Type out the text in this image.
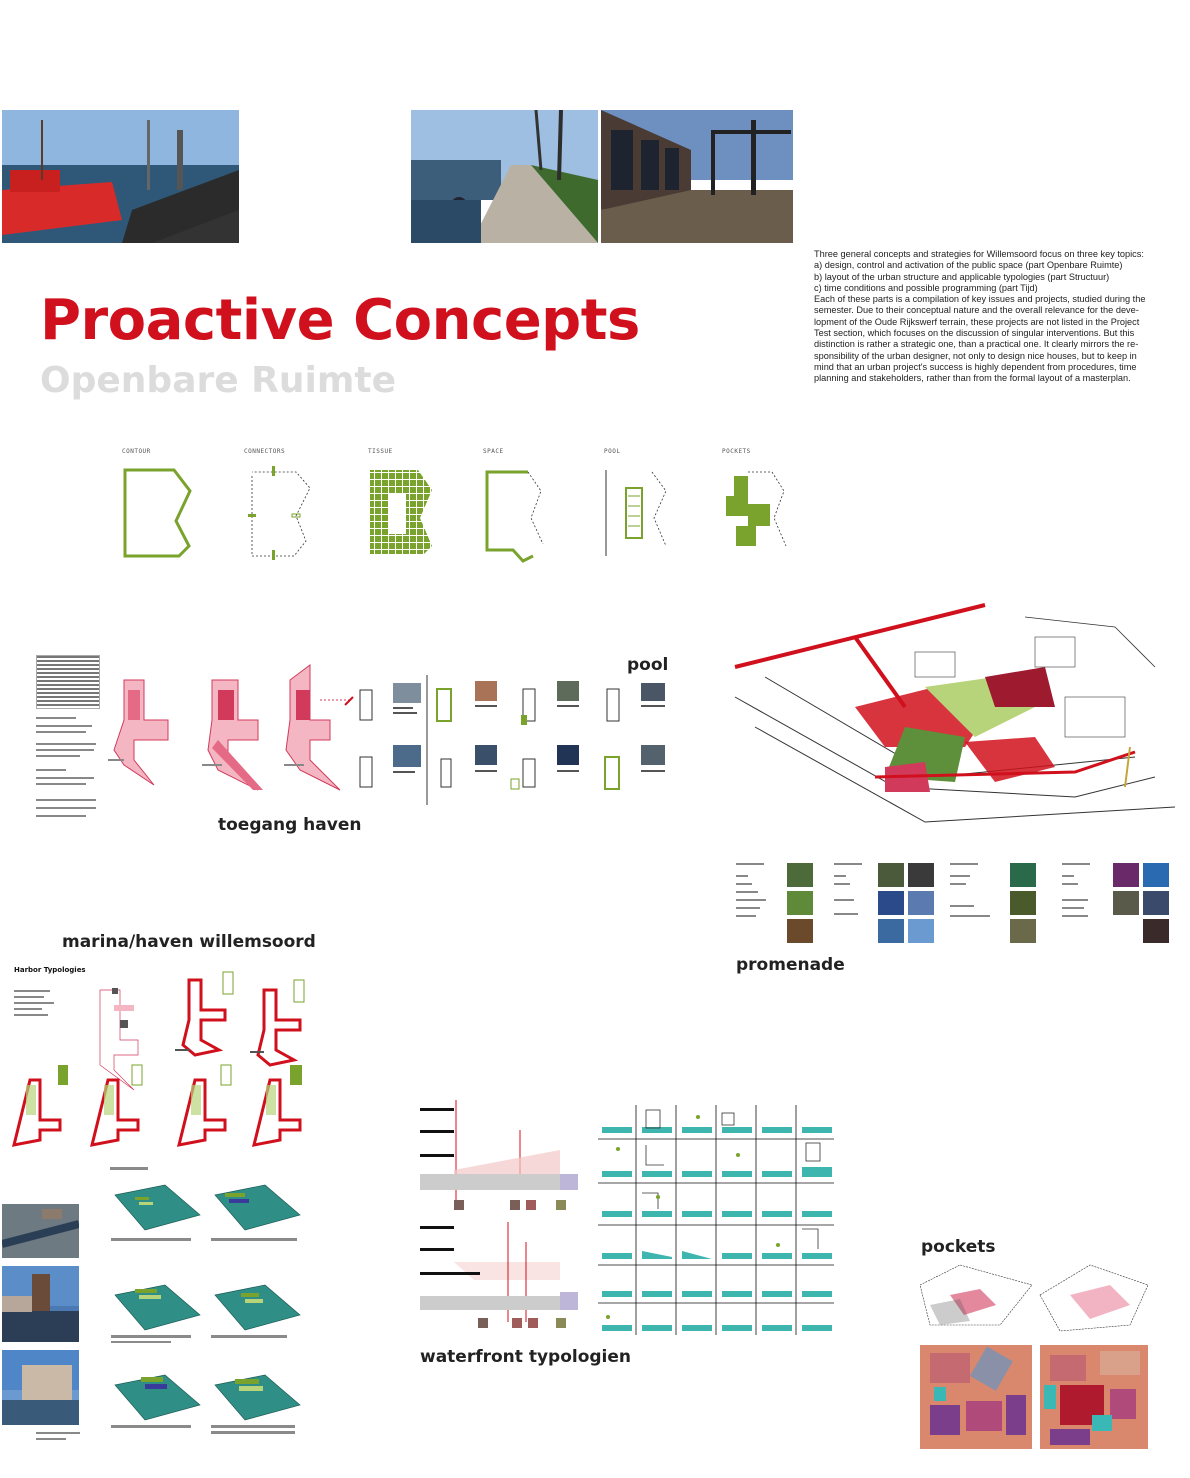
Proactive Concepts
Openbare Ruimte
Three general concepts and strategies for Willemsoord focus on three key topics:
a) design, control and activation of the public space (part Openbare Ruimte)
b) layout of the urban structure and applicable typologies (part Structuur)
c) time conditions and possible programming (part Tijd)
Each of these parts is a compilation of key issues and projects, studied during the
semester. Due to their conceptual nature and the overall relevance for the deve-
lopment of the Oude Rijkswerf terrain, these projects are not listed in the Project
Test section, which focuses on the discussion of singular interventions. But this
distinction is rather a strategic one, than a practical one. It clearly mirrors the re-
sponsibility of the urban designer, not only to design nice houses, but to keep in
mind that an urban project's success is highly dependent from procedures, time
planning and stakeholders, rather than from the formal layout of a masterplan.
CONTOUR	CONNECTORS	TISSUE	SPACE	POOL	POCKETS
pool
toegang haven
promenade
marina/haven willemsoord
Harbor Typologies
waterfront typologien
pockets
